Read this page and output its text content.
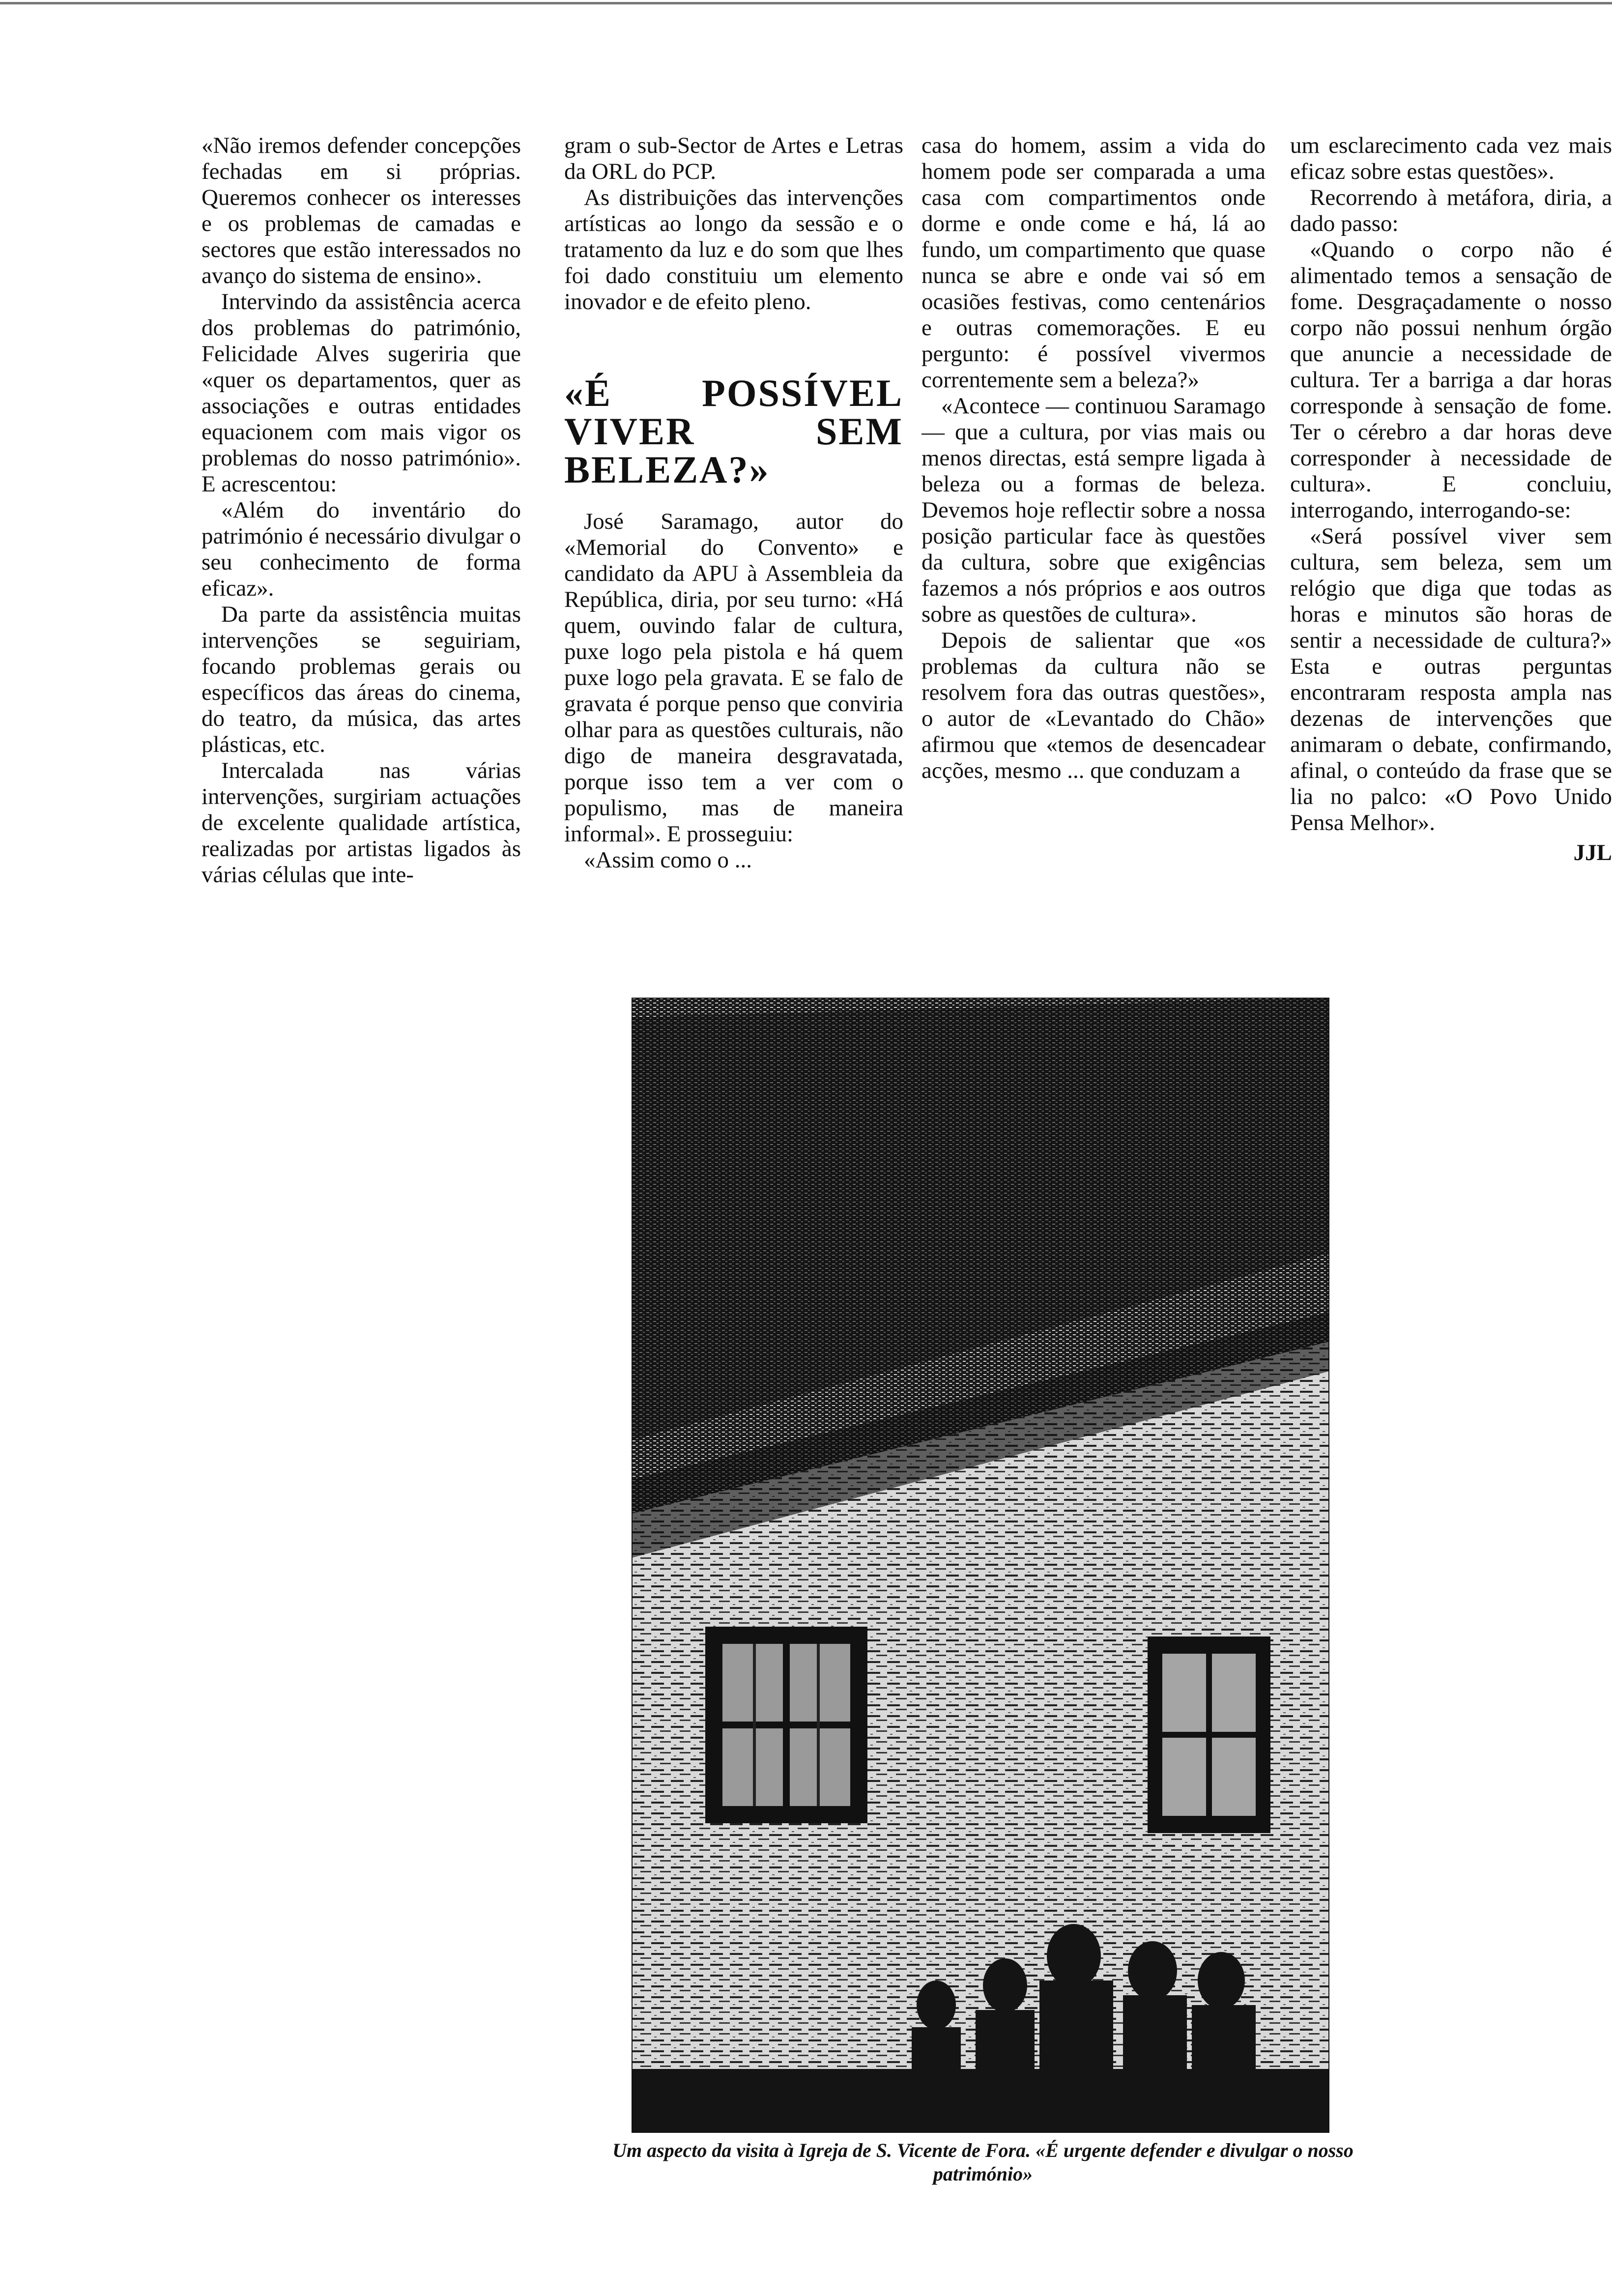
«Não iremos defender concepções fechadas em si próprias. Queremos conhecer os interesses e os problemas de camadas e sectores que estão interessados no avanço do sistema de ensino».

Intervindo da assistência acerca dos problemas do património, Felicidade Alves sugeriria que «quer os departamentos, quer as associações e outras entidades equacionem com mais vigor os problemas do nosso património». E acrescentou:

«Além do inventário do património é necessário divulgar o seu conhecimento de forma eficaz».

Da parte da assistência muitas intervenções se seguiriam, focando problemas gerais ou específicos das áreas do cinema, do teatro, da música, das artes plásticas, etc.

Intercalada nas várias intervenções, surgiriam actuações de excelente qualidade artística, realizadas por artistas ligados às várias células que inte-

gram o sub-Sector de Artes e Letras da ORL do PCP.

As distribuições das intervenções artísticas ao longo da sessão e o tratamento da luz e do som que lhes foi dado constituiu um elemento inovador e de efeito pleno.

«É POSSÍVEL VIVER SEM BELEZA?»

José Saramago, autor do «Memorial do Convento» e candidato da APU à Assembleia da República, diria, por seu turno: «Há quem, ouvindo falar de cultura, puxe logo pela pistola e há quem puxe logo pela gravata. E se falo de gravata é porque penso que conviria olhar para as questões culturais, não digo de maneira desgravatada, porque isso tem a ver com o populismo, mas de maneira informal». E prosseguiu:

«Assim como o ...

casa do homem, assim a vida do homem pode ser comparada a uma casa com compartimentos onde dorme e onde come e há, lá ao fundo, um compartimento que quase nunca se abre e onde vai só em ocasiões festivas, como centenários e outras comemorações. E eu pergunto: é possível vivermos correntemente sem a beleza?»

«Acontece — continuou Saramago — que a cultura, por vias mais ou menos directas, está sempre ligada à beleza ou a formas de beleza. Devemos hoje reflectir sobre a nossa posição particular face às questões da cultura, sobre que exigências fazemos a nós próprios e aos outros sobre as questões de cultura».

Depois de salientar que «os problemas da cultura não se resolvem fora das outras questões», o autor de «Levantado do Chão» afirmou que «temos de desencadear acções, mesmo ... que conduzam a

um esclarecimento cada vez mais eficaz sobre estas questões».

Recorrendo à metáfora, diria, a dado passo:

«Quando o corpo não é alimentado temos a sensação de fome. Desgraçadamente o nosso corpo não possui nenhum órgão que anuncie a necessidade de cultura. Ter a barriga a dar horas corresponde à sensação de fome. Ter o cérebro a dar horas deve corresponder à necessidade de cultura». E concluiu, interrogando, interrogando-se:

«Será possível viver sem cultura, sem beleza, sem um relógio que diga que todas as horas e minutos são horas de sentir a necessidade de cultura?» Esta e outras perguntas encontraram resposta ampla nas dezenas de intervenções que animaram o debate, confirmando, afinal, o conteúdo da frase que se lia no palco: «O Povo Unido Pensa Melhor».

JJL
Um aspecto da visita à Igreja de S. Vicente de Fora. «É urgente defender e divulgar o nosso património»
